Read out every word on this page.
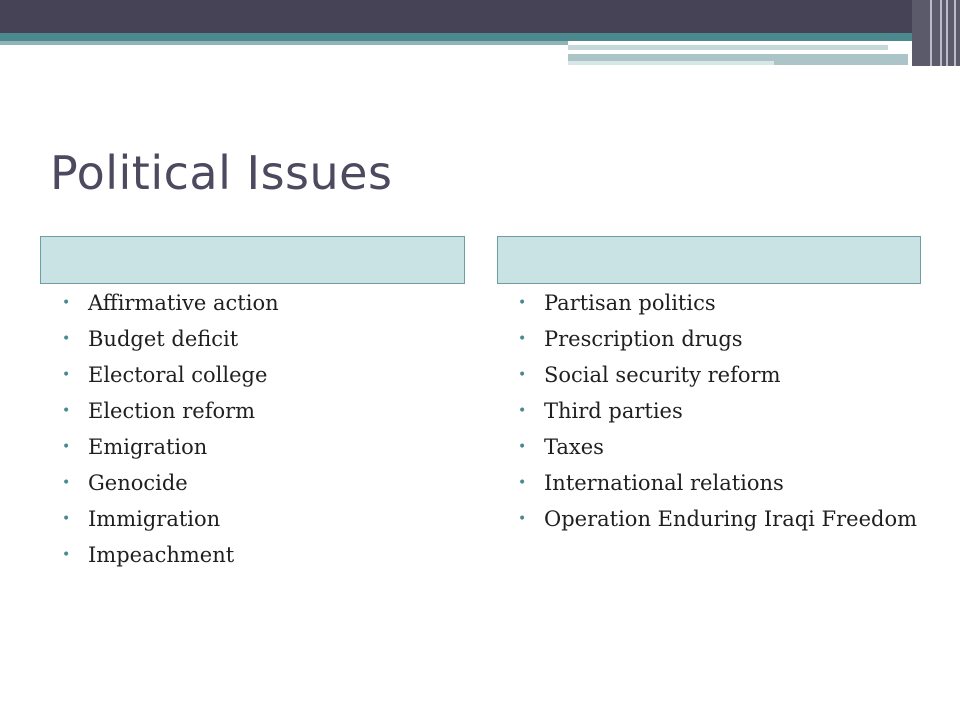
Political Issues
• Affirmative action
• Budget deficit
• Electoral college
• Election reform
• Emigration
• Genocide
• Immigration
• Impeachment
• Partisan politics
• Prescription drugs
• Social security reform
• Third parties
• Taxes
• International relations
• Operation Enduring Iraqi Freedom
